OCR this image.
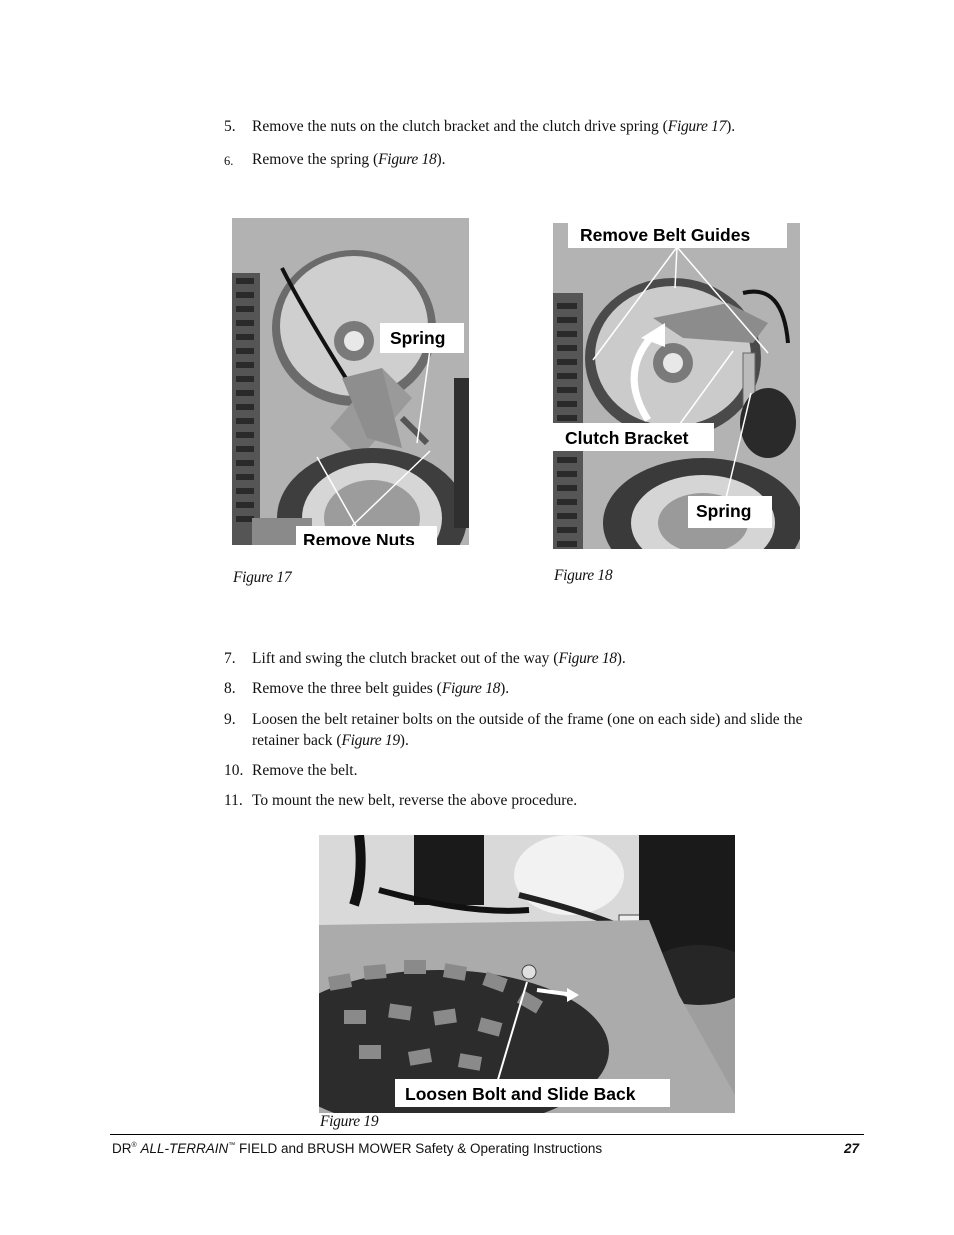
5. Remove the nuts on the clutch bracket and the clutch drive spring (Figure 17).
6. Remove the spring (Figure 18).
Spring
Remove Nuts
Figure 17
Remove Belt Guides
Clutch Bracket
Spring
Figure 18
7. Lift and swing the clutch bracket out of the way (Figure 18).
8. Remove the three belt guides (Figure 18).
9. Loosen the belt retainer bolts on the outside of the frame (one on each side) and slide the retainer back (Figure 19).
10. Remove the belt.
11. To mount the new belt, reverse the above procedure.
Loosen Bolt and Slide Back
Figure 19
DR® ALL-TERRAIN™ FIELD and BRUSH MOWER Safety & Operating Instructions	27
